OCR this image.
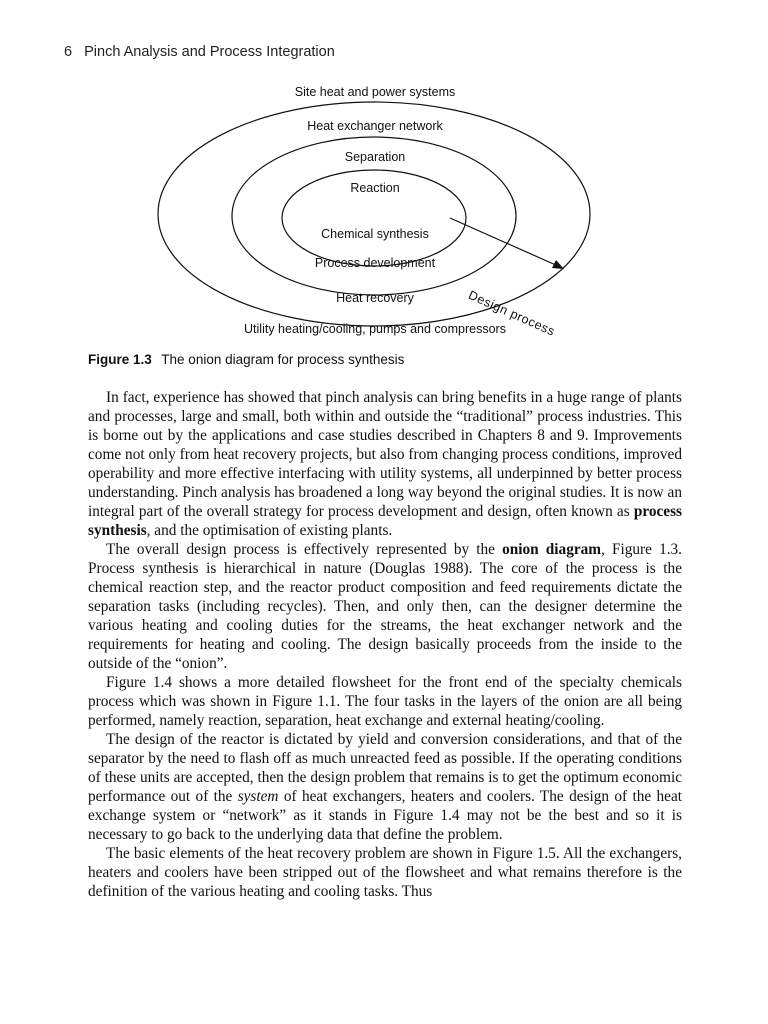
6 Pinch Analysis and Process Integration
Site heat and power systems
Heat exchanger network
Separation
Reaction
Chemical synthesis
Process development
Heat recovery
Utility heating/cooling, pumps and compressors
Design process
Figure 1.3 The onion diagram for process synthesis

In fact, experience has showed that pinch analysis can bring benefits in a huge range of plants and processes, large and small, both within and outside the “traditional” process industries. This is borne out by the applications and case studies described in Chapters 8 and 9. Improvements come not only from heat recovery projects, but also from changing process conditions, improved operability and more effective interfacing with utility systems, all underpinned by better process understanding. Pinch analysis has broadened a long way beyond the original studies. It is now an integral part of the overall strategy for process development and design, often known as process synthesis, and the optimisation of existing plants.

The overall design process is effectively represented by the onion diagram, Figure 1.3. Process synthesis is hierarchical in nature (Douglas 1988). The core of the process is the chemical reaction step, and the reactor product composition and feed requirements dictate the separation tasks (including recycles). Then, and only then, can the designer determine the various heating and cooling duties for the streams, the heat exchanger network and the requirements for heating and cooling. The design basically proceeds from the inside to the outside of the “onion”.

Figure 1.4 shows a more detailed flowsheet for the front end of the specialty chemicals process which was shown in Figure 1.1. The four tasks in the layers of the onion are all being performed, namely reaction, separation, heat exchange and external heating/cooling.

The design of the reactor is dictated by yield and conversion considerations, and that of the separator by the need to flash off as much unreacted feed as possible. If the operating conditions of these units are accepted, then the design problem that remains is to get the optimum economic performance out of the system of heat exchangers, heaters and coolers. The design of the heat exchange system or “network” as it stands in Figure 1.4 may not be the best and so it is necessary to go back to the underlying data that define the problem.

The basic elements of the heat recovery problem are shown in Figure 1.5. All the exchangers, heaters and coolers have been stripped out of the flowsheet and what remains therefore is the definition of the various heating and cooling tasks. Thus
